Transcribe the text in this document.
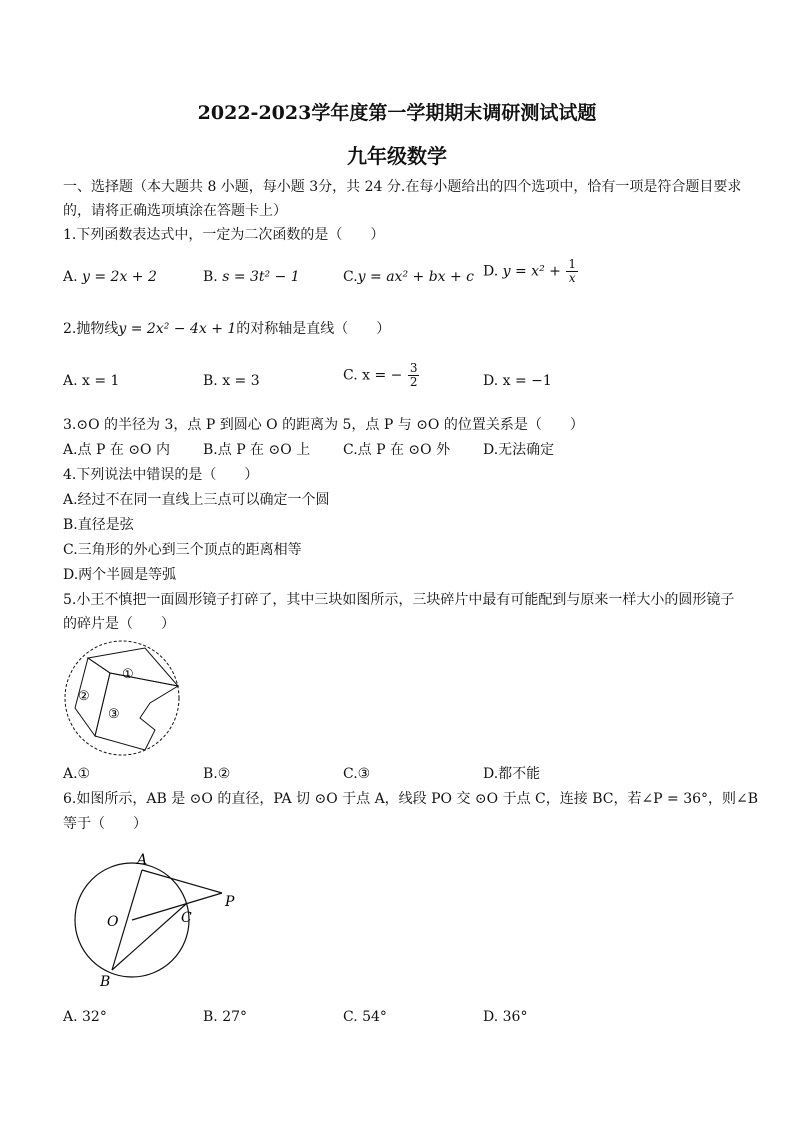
2022-2023学年度第一学期期末调研测试试题
九年级数学
一、选择题（本大题共 8 小题，每小题 3分，共 24 分.在每小题给出的四个选项中，恰有一项是符合题目要求
的，请将正确选项填涂在答题卡上）
1.下列函数表达式中，一定为二次函数的是（　　）
A. y = 2x + 2	B. s = 3t² − 1	C.y = ax² + bx + c D. $y = x^2 + \frac{1}{x}$
2.抛物线y = 2x² − 4x + 1的对称轴是直线（　　）
A. x = 1	B. x = 3	C. x = − $\frac{3}{2}$	D. x = −1
3.⊙O 的半径为 3，点 P 到圆心 O 的距离为 5，点 P 与 ⊙O 的位置关系是（　　）
A.点 P 在 ⊙O 内 B.点 P 在 ⊙O 上 C.点 P 在 ⊙O 外 D.无法确定
4.下列说法中错误的是（　　）
A.经过不在同一直线上三点可以确定一个圆
B.直径是弦
C.三角形的外心到三个顶点的距离相等
D.两个半圆是等弧
5.小王不慎把一面圆形镜子打碎了，其中三块如图所示，三块碎片中最有可能配到与原来一样大小的圆形镜子
的碎片是（　　）
①
②
③
A.①	B.②	C.③	D.都不能
6.如图所示，AB 是 ⊙O 的直径，PA 切 ⊙O 于点 A，线段 PO 交 ⊙O 于点 C，连接 BC，若∠P = 36°，则∠B
等于（　　）
A
O	C
P
B
A. 32°	B. 27°	C. 54°	D. 36°
